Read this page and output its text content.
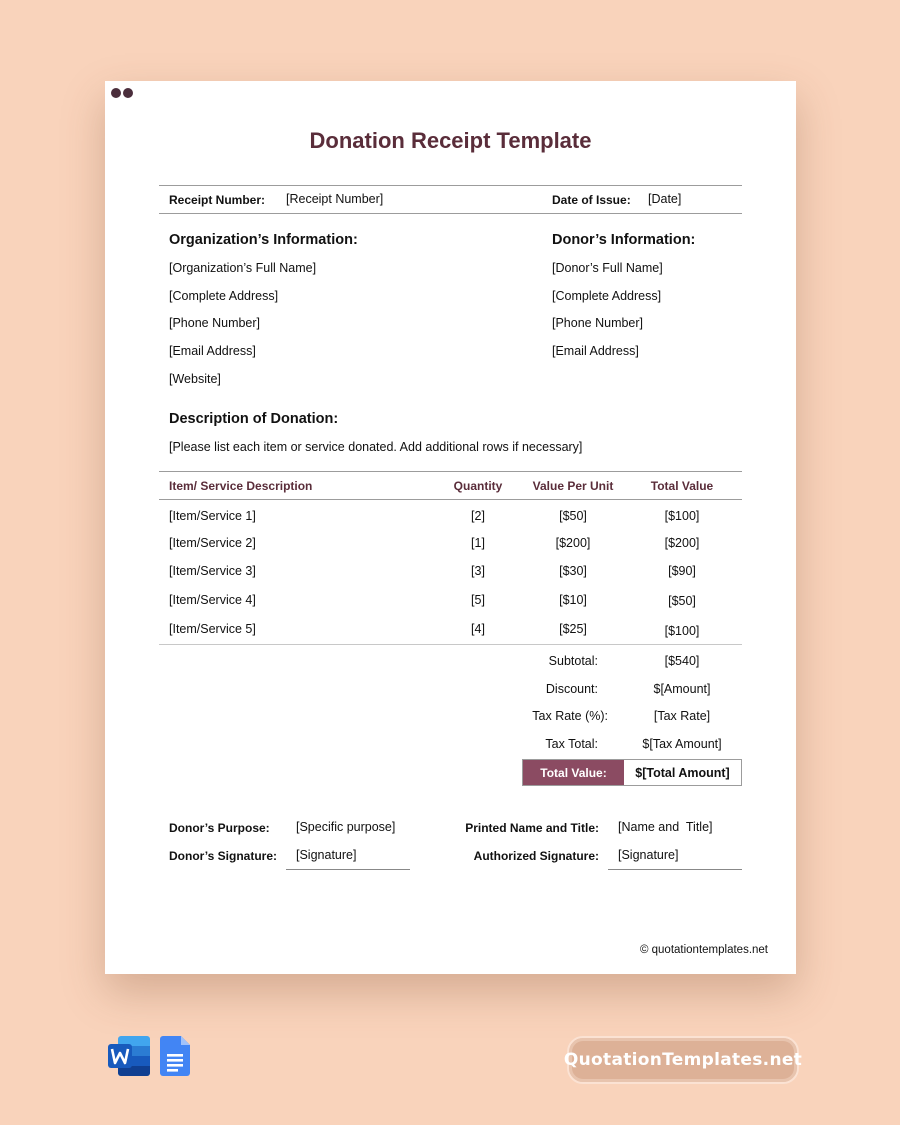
Donation Receipt Template
Receipt Number: [Receipt Number]	Date of Issue: [Date]
Organization’s Information:
[Organization’s Full Name]
[Complete Address]
[Phone Number]
[Email Address]
[Website]
Donor’s Information:
[Donor’s Full Name]
[Complete Address]
[Phone Number]
[Email Address]
Description of Donation:
[Please list each item or service donated. Add additional rows if necessary]
Item/ Service Description	Quantity	Value Per Unit	Total Value
[Item/Service 1]	[2]	[$50]	[$100]
[Item/Service 2]	[1]	[$200]	[$200]
[Item/Service 3]	[3]	[$30]	[$90]
[Item/Service 4]	[5]	[$10]	[$50]
[Item/Service 5]	[4]	[$25]	[$100]
Subtotal:	[$540]
Discount:	$[Amount]
Tax Rate (%):	[Tax Rate]
Tax Total:	$[Tax Amount]
Total Value:	$[Total Amount]
Donor’s Purpose: [Specific purpose]
Donor’s Signature: [Signature]
Printed Name and Title: [Name and  Title]
Authorized Signature: [Signature]
© quotationtemplates.net
QuotationTemplates.net
